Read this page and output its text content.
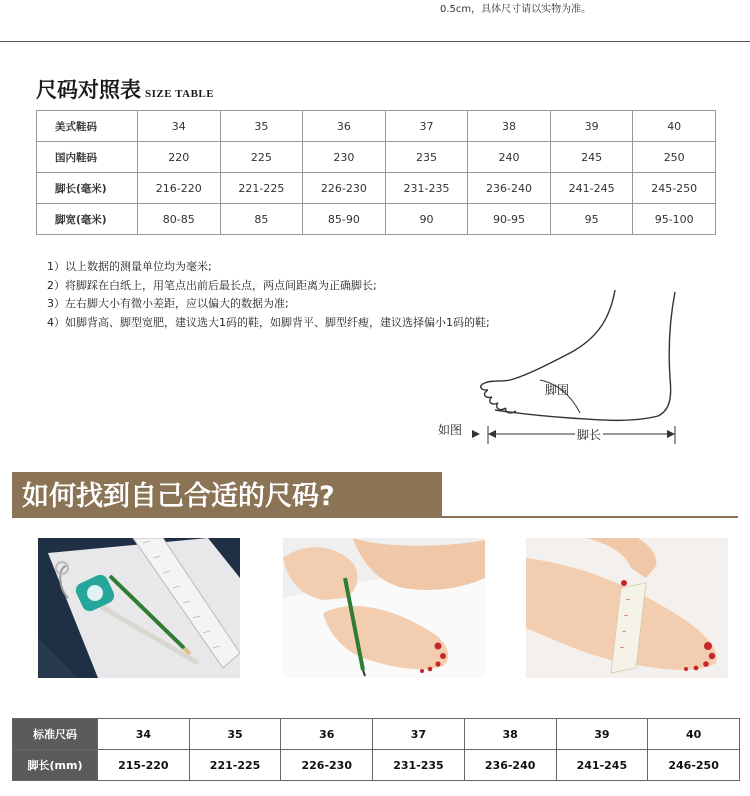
0.5cm，具体尺寸请以实物为准。
尺码对照表 SIZE TABLE
美式鞋码	34	35	36	37	38	39	40
国内鞋码	220	225	230	235	240	245	250
脚长(毫米)	216-220	221-225	226-230	231-235	236-240	241-245	245-250
脚宽(毫米)	80-85	85	85-90	90	90-95	95	95-100
1）以上数据的测量单位均为毫米;
2）将脚踩在白纸上，用笔点出前后最长点，两点间距离为正确脚长;
3）左右脚大小有微小差距，应以偏大的数据为准;
4）如脚背高、脚型宽肥，建议选大1码的鞋，如脚背平、脚型纤瘦，建议选择偏小1码的鞋;
脚围
脚长
如图
如何找到自己合适的尺码?
标准尺码	34	35	36	37	38	39	40
脚长(mm)	215-220	221-225	226-230	231-235	236-240	241-245	246-250
